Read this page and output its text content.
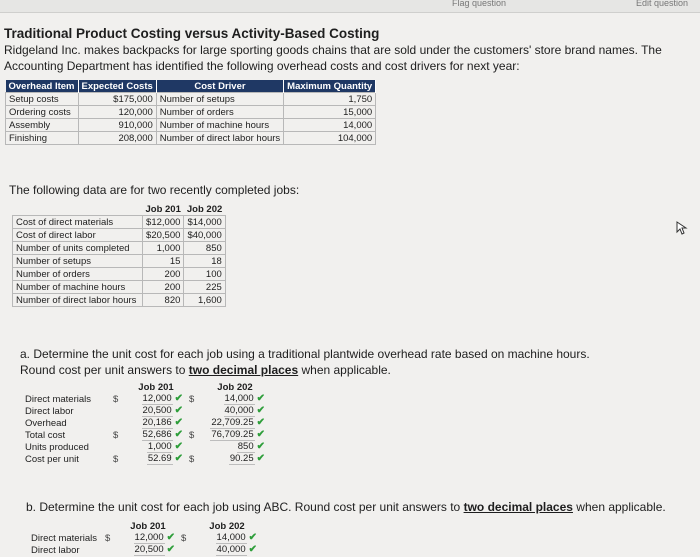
Flag question	Edit question
Traditional Product Costing versus Activity-Based Costing
Ridgeland Inc. makes backpacks for large sporting goods chains that are sold under the customers' store brand names. The Accounting Department has identified the following overhead costs and cost drivers for next year:
Overhead Item	Expected Costs	Cost Driver	Maximum Quantity
Setup costs	$175,000	Number of setups	1,750
Ordering costs	120,000	Number of orders	15,000
Assembly	910,000	Number of machine hours	14,000
Finishing	208,000	Number of direct labor hours	104,000
The following data are for two recently completed jobs:
	Job 201	Job 202
Cost of direct materials	$12,000	$14,000
Cost of direct labor	$20,500	$40,000
Number of units completed	1,000	850
Number of setups	15	18
Number of orders	200	100
Number of machine hours	200	225
Number of direct labor hours	820	1,600
a. Determine the unit cost for each job using a traditional plantwide overhead rate based on machine hours.
Round cost per unit answers to two decimal places when applicable.
		Job 201		Job 202
Direct materials	$	12,000 ✔	$	14,000 ✔
Direct labor		20,500 ✔		40,000 ✔
Overhead		20,186 ✔		22,709.25 ✔
Total cost	$	52,686 ✔	$	76,709.25 ✔
Units produced		1,000 ✔		850 ✔
Cost per unit	$	52.69 ✔	$	90.25 ✔
b. Determine the unit cost for each job using ABC. Round cost per unit answers to two decimal places when applicable.
		Job 201		Job 202
Direct materials	$	12,000 ✔	$	14,000 ✔
Direct labor		20,500 ✔		40,000 ✔
